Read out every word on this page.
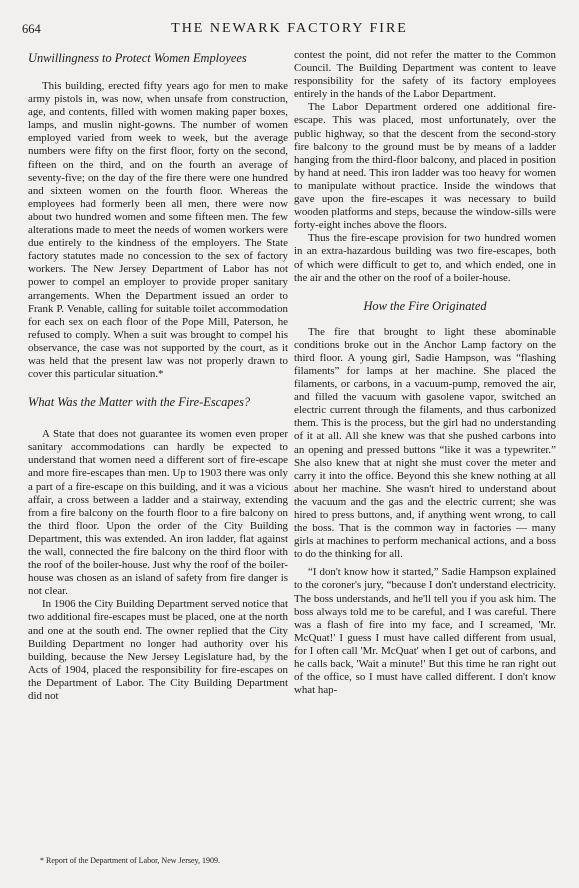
664	THE NEWARK FACTORY FIRE
Unwillingness to Protect Women Employees

This building, erected fifty years ago for men to make army pistols in, was now, when unsafe from construction, age, and contents, filled with women making paper boxes, lamps, and muslin night-gowns. The number of women employed varied from week to week, but the average numbers were fifty on the first floor, forty on the second, fifteen on the third, and on the fourth an average of seventy-five; on the day of the fire there were one hundred and sixteen women on the fourth floor. Whereas the employees had formerly been all men, there were now about two hundred women and some fifteen men. The few alterations made to meet the needs of women workers were due entirely to the kindness of the employers. The State factory statutes made no concession to the sex of factory workers. The New Jersey Department of Labor has not power to compel an employer to provide proper sanitary arrangements. When the Department issued an order to Frank P. Venable, calling for suitable toilet accommodation for each sex on each floor of the Pope Mill, Paterson, he refused to comply. When a suit was brought to compel his observance, the case was not supported by the court, as it was held that the present law was not properly drawn to cover this particular situation.*

What Was the Matter with the Fire-Escapes?

A State that does not guarantee its women even proper sanitary accommodations can hardly be expected to understand that women need a different sort of fire-escape and more fire-escapes than men. Up to 1903 there was only a part of a fire-escape on this building, and it was a vicious affair, a cross between a ladder and a stairway, extending from a fire balcony on the fourth floor to a fire balcony on the third floor. Upon the order of the City Building Department, this was extended. An iron ladder, flat against the wall, connected the fire balcony on the third floor with the roof of the boiler-house. Just why the roof of the boiler-house was chosen as an island of safety from fire danger is not clear.

In 1906 the City Building Department served notice that two additional fire-escapes must be placed, one at the north and one at the south end. The owner replied that the City Building Department no longer had authority over his building, because the New Jersey Legislature had, by the Acts of 1904, placed the responsibility for fire-escapes on the Department of Labor. The City Building Department did not

contest the point, did not refer the matter to the Common Council. The Building Department was content to leave responsibility for the safety of its factory employees entirely in the hands of the Labor Department.

The Labor Department ordered one additional fire-escape. This was placed, most unfortunately, over the public highway, so that the descent from the second-story fire balcony to the ground must be by means of a ladder hanging from the third-floor balcony, and placed in position by hand at need. This iron ladder was too heavy for women to manipulate without practice. Inside the windows that gave upon the fire-escapes it was necessary to build wooden platforms and steps, because the window-sills were forty-eight inches above the floors.

Thus the fire-escape provision for two hundred women in an extra-hazardous building was two fire-escapes, both of which were difficult to get to, and which ended, one in the air and the other on the roof of a boiler-house.

How the Fire Originated

The fire that brought to light these abominable conditions broke out in the Anchor Lamp factory on the third floor. A young girl, Sadie Hampson, was “flashing filaments” for lamps at her machine. She placed the filaments, or carbons, in a vacuum-pump, removed the air, and filled the vacuum with gasolene vapor, switched an electric current through the filaments, and thus carbonized them. This is the process, but the girl had no understanding of it at all. All she knew was that she pushed carbons into an opening and pressed buttons “like it was a typewriter.” She also knew that at night she must cover the meter and carry it into the office. Beyond this she knew nothing at all about her machine. She wasn't hired to understand about the vacuum and the gas and the electric current; she was hired to press buttons, and, if anything went wrong, to call the boss. That is the common way in factories — many girls at machines to perform mechanical actions, and a boss to do the thinking for all.

“I don't know how it started,” Sadie Hampson explained to the coroner's jury, “because I don't understand electricity. The boss understands, and he'll tell you if you ask him. The boss always told me to be careful, and I was careful. There was a flash of fire into my face, and I screamed, 'Mr. McQuat!' I guess I must have called different from usual, for I often call 'Mr. McQuat' when I get out of carbons, and he calls back, 'Wait a minute!' But this time he ran right out of the office, so I must have called different. I don't know what hap-

* Report of the Department of Labor, New Jersey, 1909.
